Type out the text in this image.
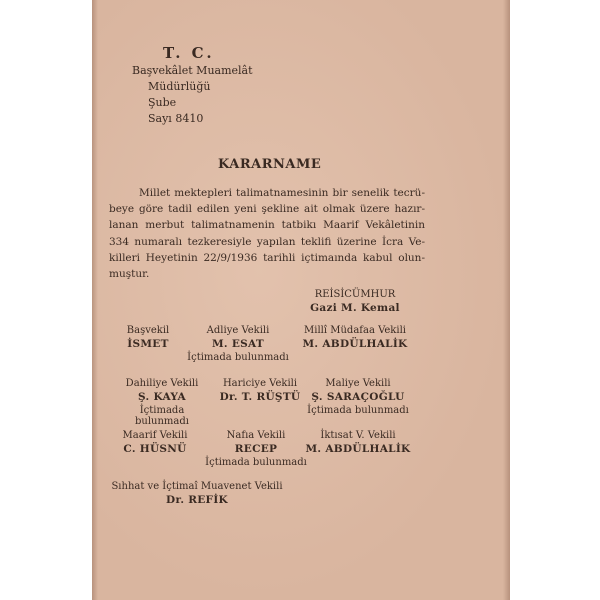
T. C.
Başvekâlet Muamelât
Müdürlüğü
Şube
Sayı 8410
KARARNAME
Millet mektepleri talimatnamesinin bir senelik tecrü-
beye göre tadil edilen yeni şekline ait olmak üzere hazır-
lanan merbut talimatnamenin tatbikı Maarif Vekâletinin
334 numaralı tezkeresiyle yapılan teklifi üzerine İcra Ve-
killeri Heyetinin 22/9/1936 tarihli içtimaında kabul olun-
muştur.
REİSİCÜMHUR
Gazi M. Kemal
Başvekil
İSMET
Adliye Vekili
M. ESAT
İçtimada bulunmadı
Millî Müdafaa Vekili
M. ABDÜLHALİK
Dahiliye Vekili
Ş. KAYA
İçtimada bulunmadı
Hariciye Vekili
Dr. T. RÜŞTÜ
Maliye Vekili
Ş. SARAÇOĞLU
İçtimada bulunmadı
Maarif Vekili
C. HÜSNÜ
Nafıa Vekili
RECEP
İçtimada bulunmadı
İktısat V. Vekili
M. ABDÜLHALİK
Sıhhat ve İçtimaî Muavenet Vekili
Dr. REFİK
